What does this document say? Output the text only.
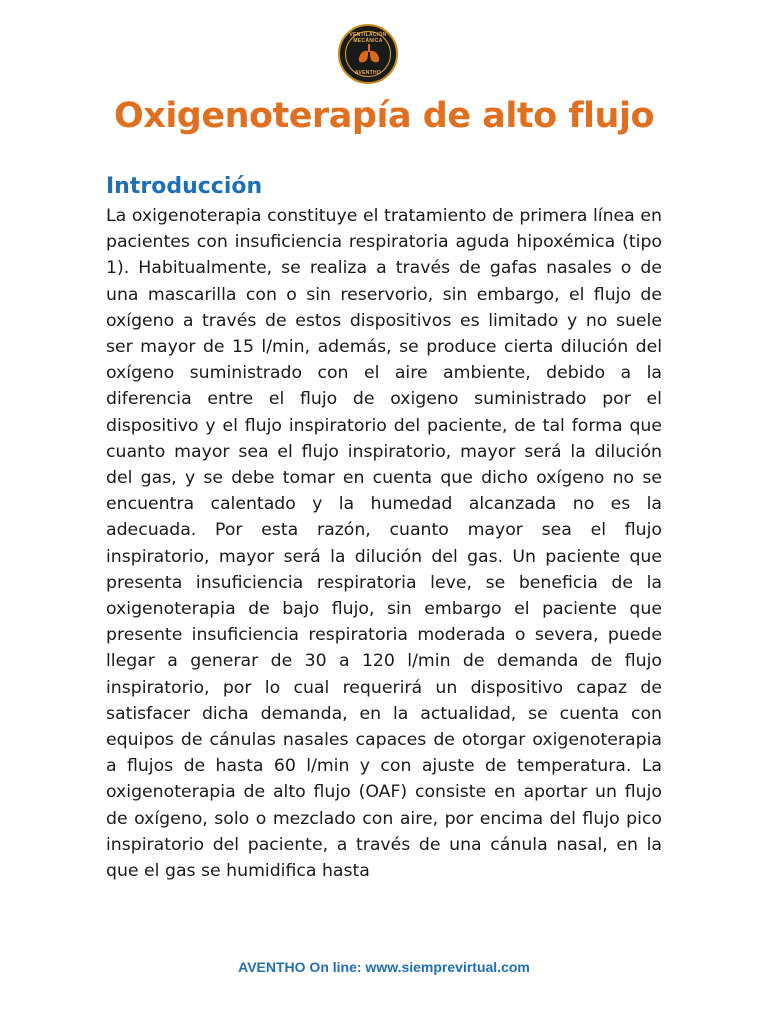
VENTILACIÓN MECÁNICA
AVENTHO
Oxigenoterapía de alto flujo
Introducción

La oxigenoterapia constituye el tratamiento de primera línea en pacientes con insuficiencia respiratoria aguda hipoxémica (tipo 1). Habitualmente, se realiza a través de gafas nasales o de una mascarilla con o sin reservorio, sin embargo, el flujo de oxígeno a través de estos dispositivos es limitado y no suele ser mayor de 15 l/min, además, se produce cierta dilución del oxígeno suministrado con el aire ambiente, debido a la diferencia entre el flujo de oxigeno suministrado por el dispositivo y el flujo inspiratorio del paciente, de tal forma que cuanto mayor sea el flujo inspiratorio, mayor será la dilución del gas, y se debe tomar en cuenta que dicho oxígeno no se encuentra calentado y la humedad alcanzada no es la adecuada. Por esta razón, cuanto mayor sea el flujo inspiratorio, mayor será la dilución del gas. Un paciente que presenta insuficiencia respiratoria leve, se beneficia de la oxigenoterapia de bajo flujo, sin embargo el paciente que presente insuficiencia respiratoria moderada o severa, puede llegar a generar de 30 a 120 l/min de demanda de flujo inspiratorio, por lo cual requerirá un dispositivo capaz de satisfacer dicha demanda, en la actualidad, se cuenta con equipos de cánulas nasales capaces de otorgar oxigenoterapia a flujos de hasta 60 l/min y con ajuste de temperatura. La oxigenoterapia de alto flujo (OAF) consiste en aportar un flujo de oxígeno, solo o mezclado con aire, por encima del flujo pico inspiratorio del paciente, a través de una cánula nasal, en la que el gas se humidifica hasta

AVENTHO On line: www.siemprevirtual.com
